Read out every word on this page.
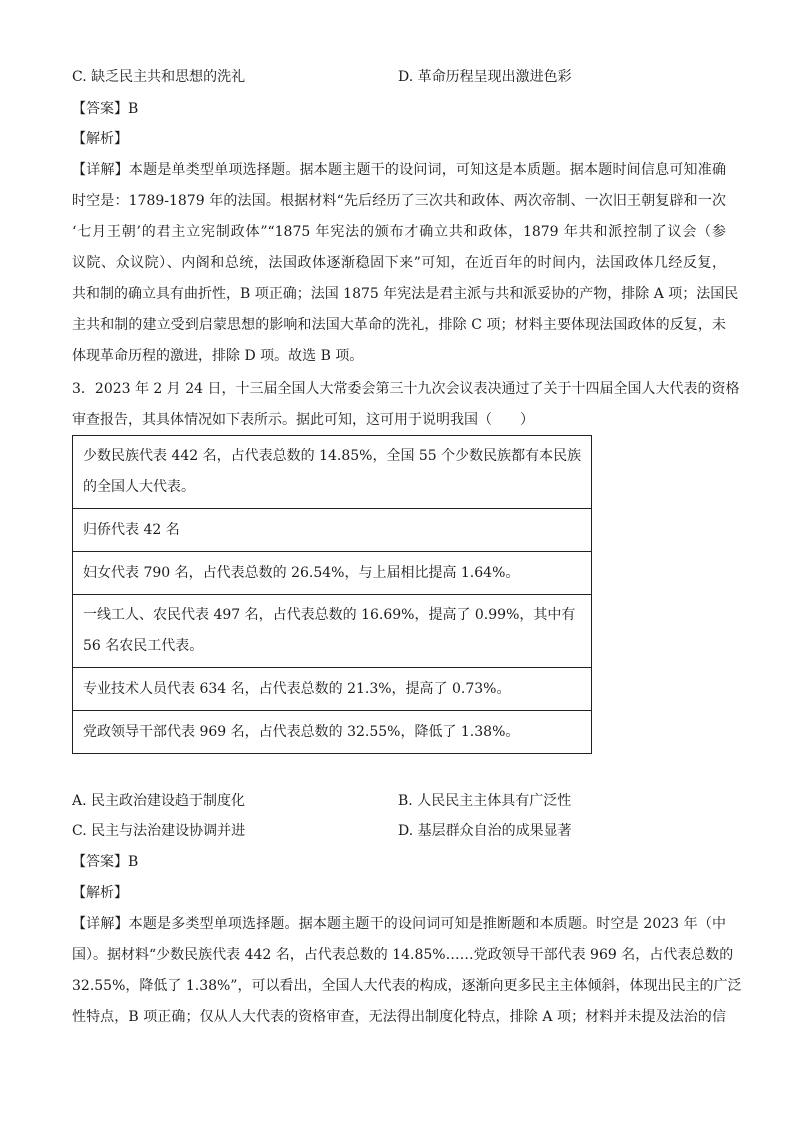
C. 缺乏民主共和思想的洗礼	D. 革命历程呈现出激进色彩
【答案】B
【解析】
【详解】本题是单类型单项选择题。据本题主题干的设问词，可知这是本质题。据本题时间信息可知准确
时空是：1789-1879 年的法国。根据材料“先后经历了三次共和政体、两次帝制、一次旧王朝复辟和一次
‘七月王朝’的君主立宪制政体”“1875 年宪法的颁布才确立共和政体，1879 年共和派控制了议会（参
议院、众议院）、内阁和总统，法国政体逐渐稳固下来”可知，在近百年的时间内，法国政体几经反复，
共和制的确立具有曲折性，B 项正确；法国 1875 年宪法是君主派与共和派妥协的产物，排除 A 项；法国民
主共和制的建立受到启蒙思想的影响和法国大革命的洗礼，排除 C 项；材料主要体现法国政体的反复，未
体现革命历程的激进，排除 D 项。故选 B 项。
3．2023 年 2 月 24 日，十三届全国人大常委会第三十九次会议表决通过了关于十四届全国人大代表的资格
审查报告，其具体情况如下表所示。据此可知，这可用于说明我国（　　）
少数民族代表 442 名，占代表总数的 14.85%，全国 55 个少数民族都有本民族
的全国人大代表。

归侨代表 42 名

妇女代表 790 名，占代表总数的 26.54%，与上届相比提高 1.64%。

一线工人、农民代表 497 名，占代表总数的 16.69%，提高了 0.99%，其中有
56 名农民工代表。

专业技术人员代表 634 名，占代表总数的 21.3%，提高了 0.73%。

党政领导干部代表 969 名，占代表总数的 32.55%，降低了 1.38%。
A. 民主政治建设趋于制度化	B. 人民民主主体具有广泛性
C. 民主与法治建设协调并进	D. 基层群众自治的成果显著
【答案】B
【解析】
【详解】本题是多类型单项选择题。据本题主题干的设问词可知是推断题和本质题。时空是 2023 年（中
国）。据材料“少数民族代表 442 名，占代表总数的 14.85%……党政领导干部代表 969 名，占代表总数的
32.55%，降低了 1.38%”，可以看出，全国人大代表的构成，逐渐向更多民主主体倾斜，体现出民主的广泛
性特点，B 项正确；仅从人大代表的资格审查，无法得出制度化特点，排除 A 项；材料并未提及法治的信
